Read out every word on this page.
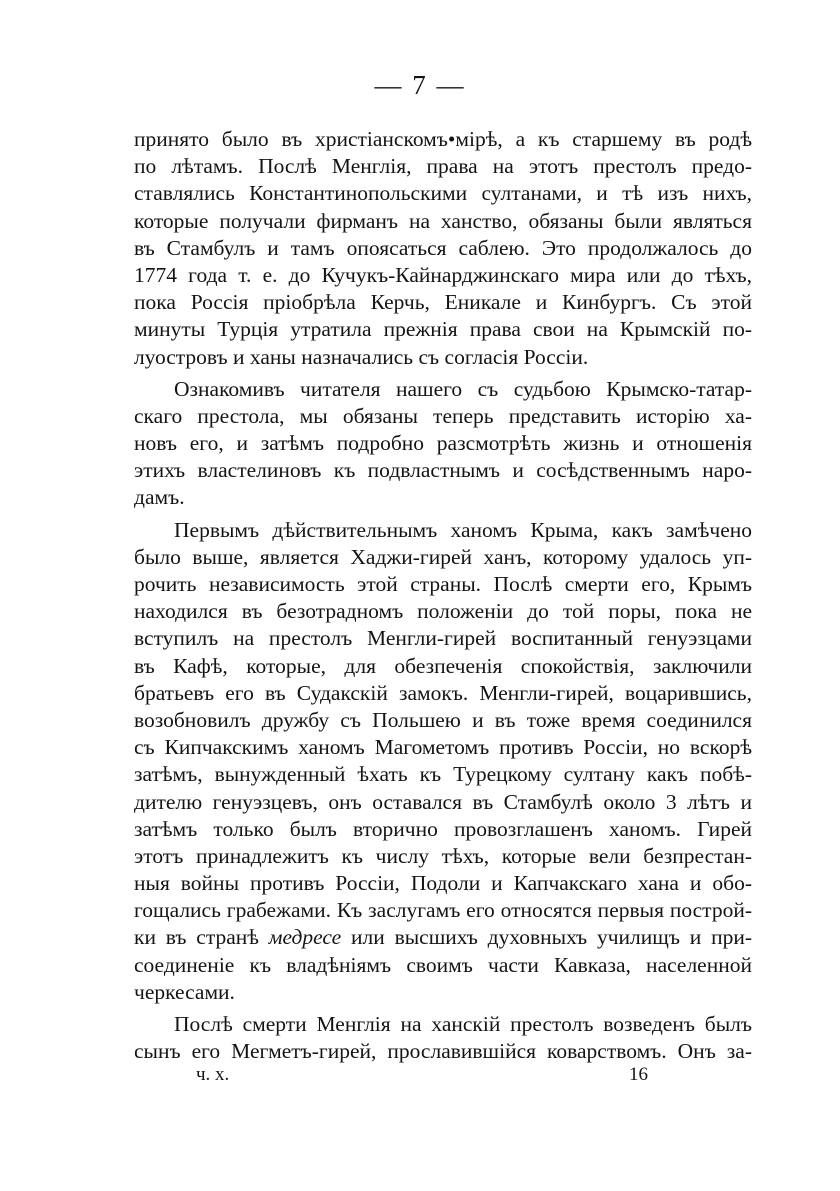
— 7 —
принято было въ христіанскомъ•мірѣ, а къ старшему въ родѣ
по лѣтамъ. Послѣ Менглія, права на этотъ престолъ предо-
ставлялись Константинопольскими султанами, и тѣ изъ нихъ,
которые получали фирманъ на ханство, обязаны были являться
въ Стамбулъ и тамъ опоясаться саблею. Это продолжалось до
1774 года т. е. до Кучукъ-Кайнарджинскаго мира или до тѣхъ,
пока Россія пріобрѣла Керчь, Еникале и Кинбургъ. Съ этой
минуты Турція утратила прежнія права свои на Крымскій по-
луостровъ и ханы назначались съ согласія Россіи.
Ознакомивъ читателя нашего съ судьбою Крымско-татар-
скаго престола, мы обязаны теперь представить исторію ха-
новъ его, и затѣмъ подробно разсмотрѣть жизнь и отношенія
этихъ властелиновъ къ подвластнымъ и сосѣдственнымъ наро-
дамъ.
Первымъ дѣйствительнымъ ханомъ Крыма, какъ замѣчено
было выше, является Хаджи-гирей ханъ, которому удалось уп-
рочить независимость этой страны. Послѣ смерти его, Крымъ
находился въ безотрадномъ положеніи до той поры, пока не
вступилъ на престолъ Менгли-гирей воспитанный генуэзцами
въ Кафѣ, которые, для обезпеченія спокойствія, заключили
братьевъ его въ Судакскій замокъ. Менгли-гирей, воцарившись,
возобновилъ дружбу съ Польшею и въ тоже время соединился
съ Кипчакскимъ ханомъ Магометомъ противъ Россіи, но вскорѣ
затѣмъ, вынужденный ѣхать къ Турецкому султану какъ побѣ-
дителю генуэзцевъ, онъ оставался въ Стамбулѣ около 3 лѣтъ и
затѣмъ только былъ вторично провозглашенъ ханомъ. Гирей
этотъ принадлежитъ къ числу тѣхъ, которые вели безпрестан-
ныя войны противъ Россіи, Подоли и Капчакскаго хана и обо-
гощались грабежами. Къ заслугамъ его относятся первыя построй-
ки въ странѣ медресе или высшихъ духовныхъ училищъ и при-
соединеніе къ владѣніямъ своимъ части Кавказа, населенной
черкесами.
Послѣ смерти Менглія на ханскій престолъ возведенъ былъ
сынъ его Мегметъ-гирей, прославившійся коварствомъ. Онъ за-
ч. х.	16
